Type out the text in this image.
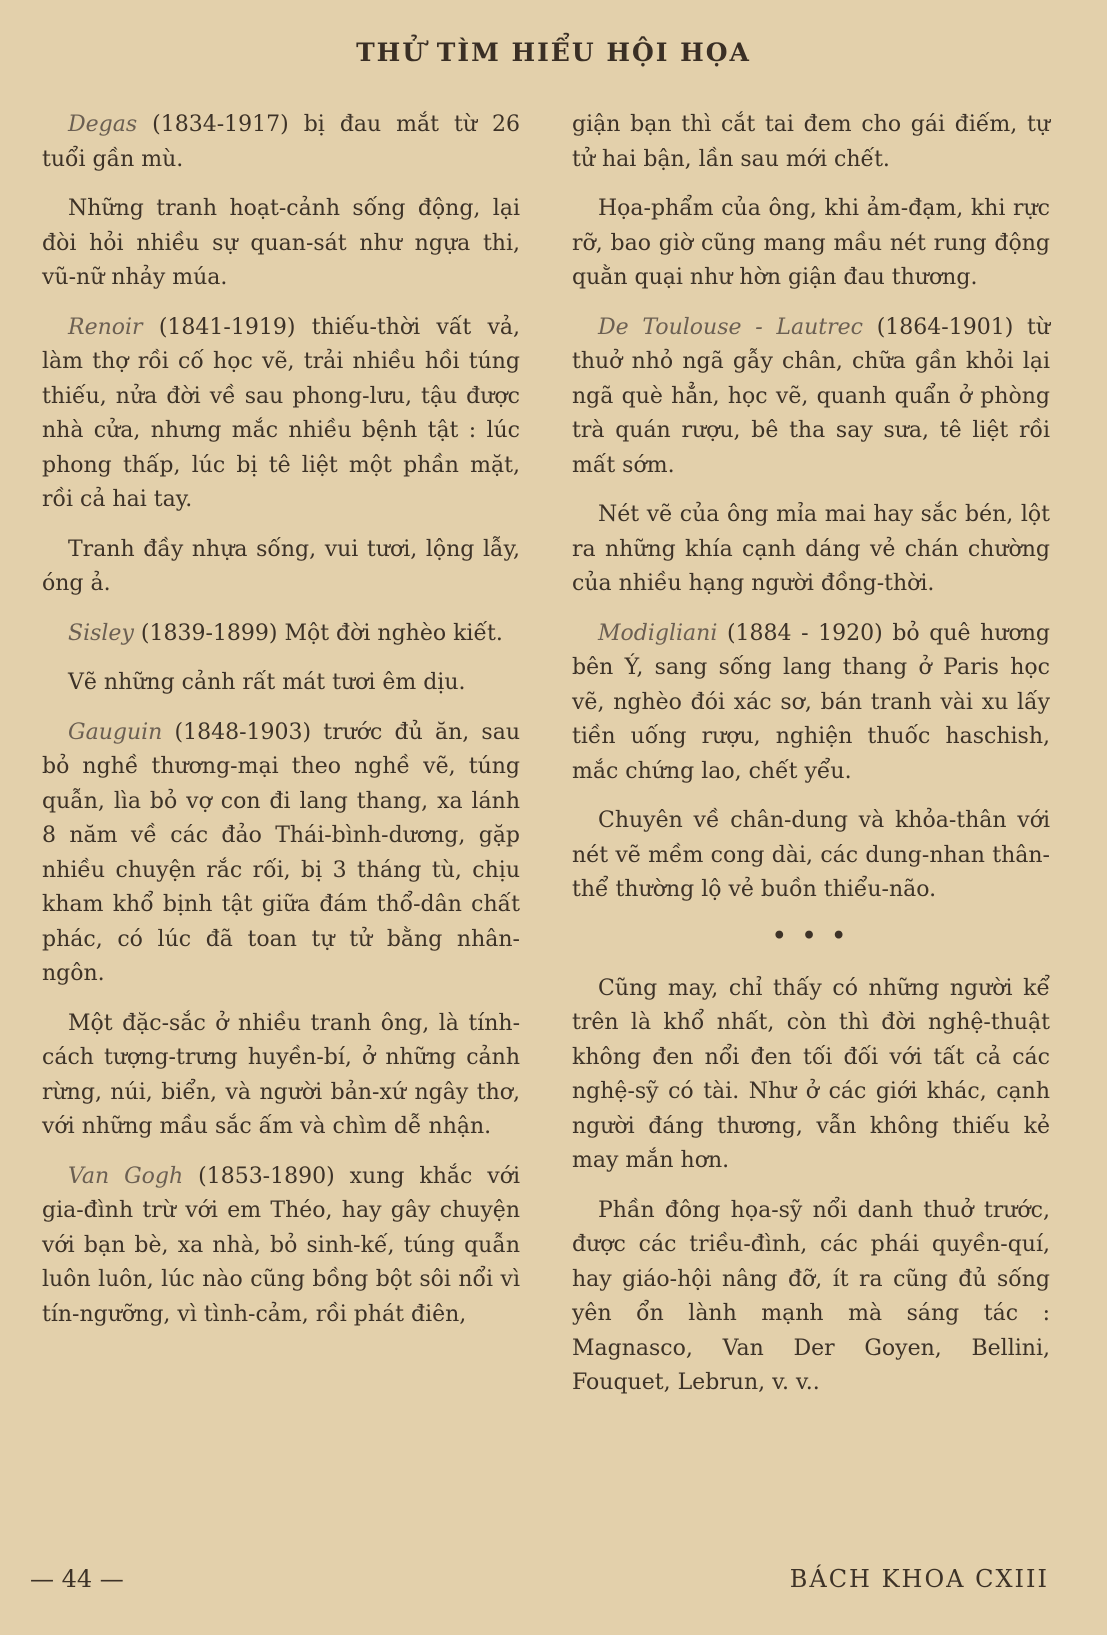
THỬ TÌM HIỂU HỘI HỌA

Degas (1834-1917) bị đau mắt từ 26 tuổi gần mù.

Những tranh hoạt-cảnh sống động, lại đòi hỏi nhiều sự quan-sát như ngựa thi, vũ-nữ nhảy múa.

Renoir (1841-1919) thiếu-thời vất vả, làm thợ rồi cố học vẽ, trải nhiều hồi túng thiếu, nửa đời về sau phong-lưu, tậu được nhà cửa, nhưng mắc nhiều bệnh tật : lúc phong thấp, lúc bị tê liệt một phần mặt, rồi cả hai tay.

Tranh đầy nhựa sống, vui tươi, lộng lẫy, óng ả.

Sisley (1839-1899) Một đời nghèo kiết.

Vẽ những cảnh rất mát tươi êm dịu.

Gauguin (1848-1903) trước đủ ăn, sau bỏ nghề thương-mại theo nghề vẽ, túng quẫn, lìa bỏ vợ con đi lang thang, xa lánh 8 năm về các đảo Thái-bình-dương, gặp nhiều chuyện rắc rối, bị 3 tháng tù, chịu kham khổ bịnh tật giữa đám thổ-dân chất phác, có lúc đã toan tự tử bằng nhân-ngôn.

Một đặc-sắc ở nhiều tranh ông, là tính-cách tượng-trưng huyền-bí, ở những cảnh rừng, núi, biển, và người bản-xứ ngây thơ, với những mầu sắc ấm và chìm dễ nhận.

Van Gogh (1853-1890) xung khắc với gia-đình trừ với em Théo, hay gây chuyện với bạn bè, xa nhà, bỏ sinh-kế, túng quẫn luôn luôn, lúc nào cũng bồng bột sôi nổi vì tín-ngưỡng, vì tình-cảm, rồi phát điên,

giận bạn thì cắt tai đem cho gái điếm, tự tử hai bận, lần sau mới chết.

Họa-phẩm của ông, khi ảm-đạm, khi rực rỡ, bao giờ cũng mang mầu nét rung động quằn quại như hờn giận đau thương.

De Toulouse - Lautrec (1864-1901) từ thuở nhỏ ngã gẫy chân, chữa gần khỏi lại ngã què hẳn, học vẽ, quanh quẩn ở phòng trà quán rượu, bê tha say sưa, tê liệt rồi mất sớm.

Nét vẽ của ông mỉa mai hay sắc bén, lột ra những khía cạnh dáng vẻ chán chường của nhiều hạng người đồng-thời.

Modigliani (1884 - 1920) bỏ quê hương bên Ý, sang sống lang thang ở Paris học vẽ, nghèo đói xác sơ, bán tranh vài xu lấy tiền uống rượu, nghiện thuốc haschish, mắc chứng lao, chết yểu.

Chuyên về chân-dung và khỏa-thân với nét vẽ mềm cong dài, các dung-nhan thân-thể thường lộ vẻ buồn thiểu-não.

• • •

Cũng may, chỉ thấy có những người kể trên là khổ nhất, còn thì đời nghệ-thuật không đen nổi đen tối đối với tất cả các nghệ-sỹ có tài. Như ở các giới khác, cạnh người đáng thương, vẫn không thiếu kẻ may mắn hơn.

Phần đông họa-sỹ nổi danh thuở trước, được các triều-đình, các phái quyền-quí, hay giáo-hội nâng đỡ, ít ra cũng đủ sống yên ổn lành mạnh mà sáng tác : Magnasco, Van Der Goyen, Bellini, Fouquet, Lebrun, v. v..

— 44 —	BÁCH KHOA CXIII
